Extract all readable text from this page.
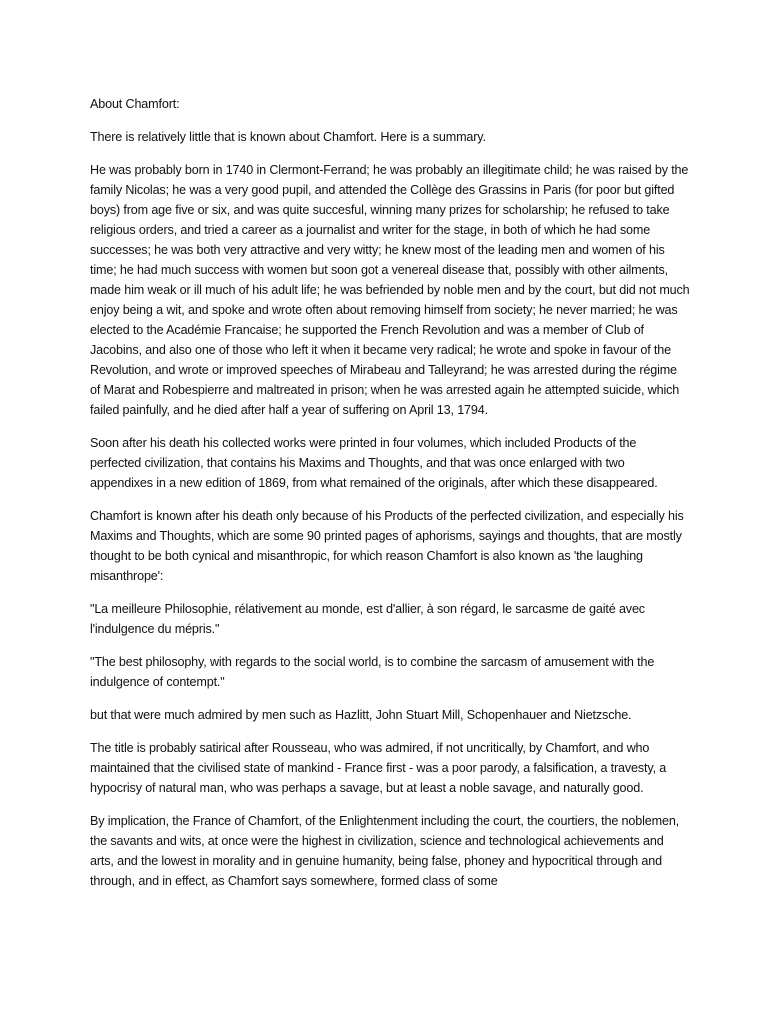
About Chamfort:

There is relatively little that is known about Chamfort. Here is a summary.

He was probably born in 1740 in Clermont-Ferrand; he was probably an illegitimate child; he was raised by the family Nicolas; he was a very good pupil, and attended the Collège des Grassins in Paris (for poor but gifted boys) from age five or six, and was quite succesful, winning many prizes for scholarship; he refused to take religious orders, and tried a career as a journalist and writer for the stage, in both of which he had some successes; he was both very attractive and very witty; he knew most of the leading men and women of his time; he had much success with women but soon got a venereal disease that, possibly with other ailments, made him weak or ill much of his adult life; he was befriended by noble men and by the court, but did not much enjoy being a wit, and spoke and wrote often about removing himself from society; he never married; he was elected to the Académie Francaise; he supported the French Revolution and was a member of Club of Jacobins, and also one of those who left it when it became very radical; he wrote and spoke in favour of the Revolution, and wrote or improved speeches of Mirabeau and Talleyrand; he was arrested during the régime of Marat and Robespierre and maltreated in prison; when he was arrested again he attempted suicide, which failed painfully, and he died after half a year of suffering on April 13, 1794.

Soon after his death his collected works were printed in four volumes, which included Products of the perfected civilization, that contains his Maxims and Thoughts, and that was once enlarged with two appendixes in a new edition of 1869, from what remained of the originals, after which these disappeared.

Chamfort is known after his death only because of his Products of the perfected civilization, and especially his Maxims and Thoughts, which are some 90 printed pages of aphorisms, sayings and thoughts, that are mostly thought to be both cynical and misanthropic, for which reason Chamfort is also known as 'the laughing misanthrope':

"La meilleure Philosophie, rélativement au monde, est d'allier, à son régard, le sarcasme de gaité avec l'indulgence du mépris."

"The best philosophy, with regards to the social world, is to combine the sarcasm of amusement with the indulgence of contempt."

but that were much admired by men such as Hazlitt, John Stuart Mill, Schopenhauer and Nietzsche.

The title is probably satirical after Rousseau, who was admired, if not uncritically, by Chamfort, and who maintained that the civilised state of mankind - France first - was a poor parody, a falsification, a travesty, a hypocrisy of natural man, who was perhaps a savage, but at least a noble savage, and naturally good.

By implication, the France of Chamfort, of the Enlightenment including the court, the courtiers, the noblemen, the savants and wits, at once were the highest in civilization, science and technological achievements and arts, and the lowest in morality and in genuine humanity, being false, phoney and hypocritical through and through, and in effect, as Chamfort says somewhere, formed class of some
